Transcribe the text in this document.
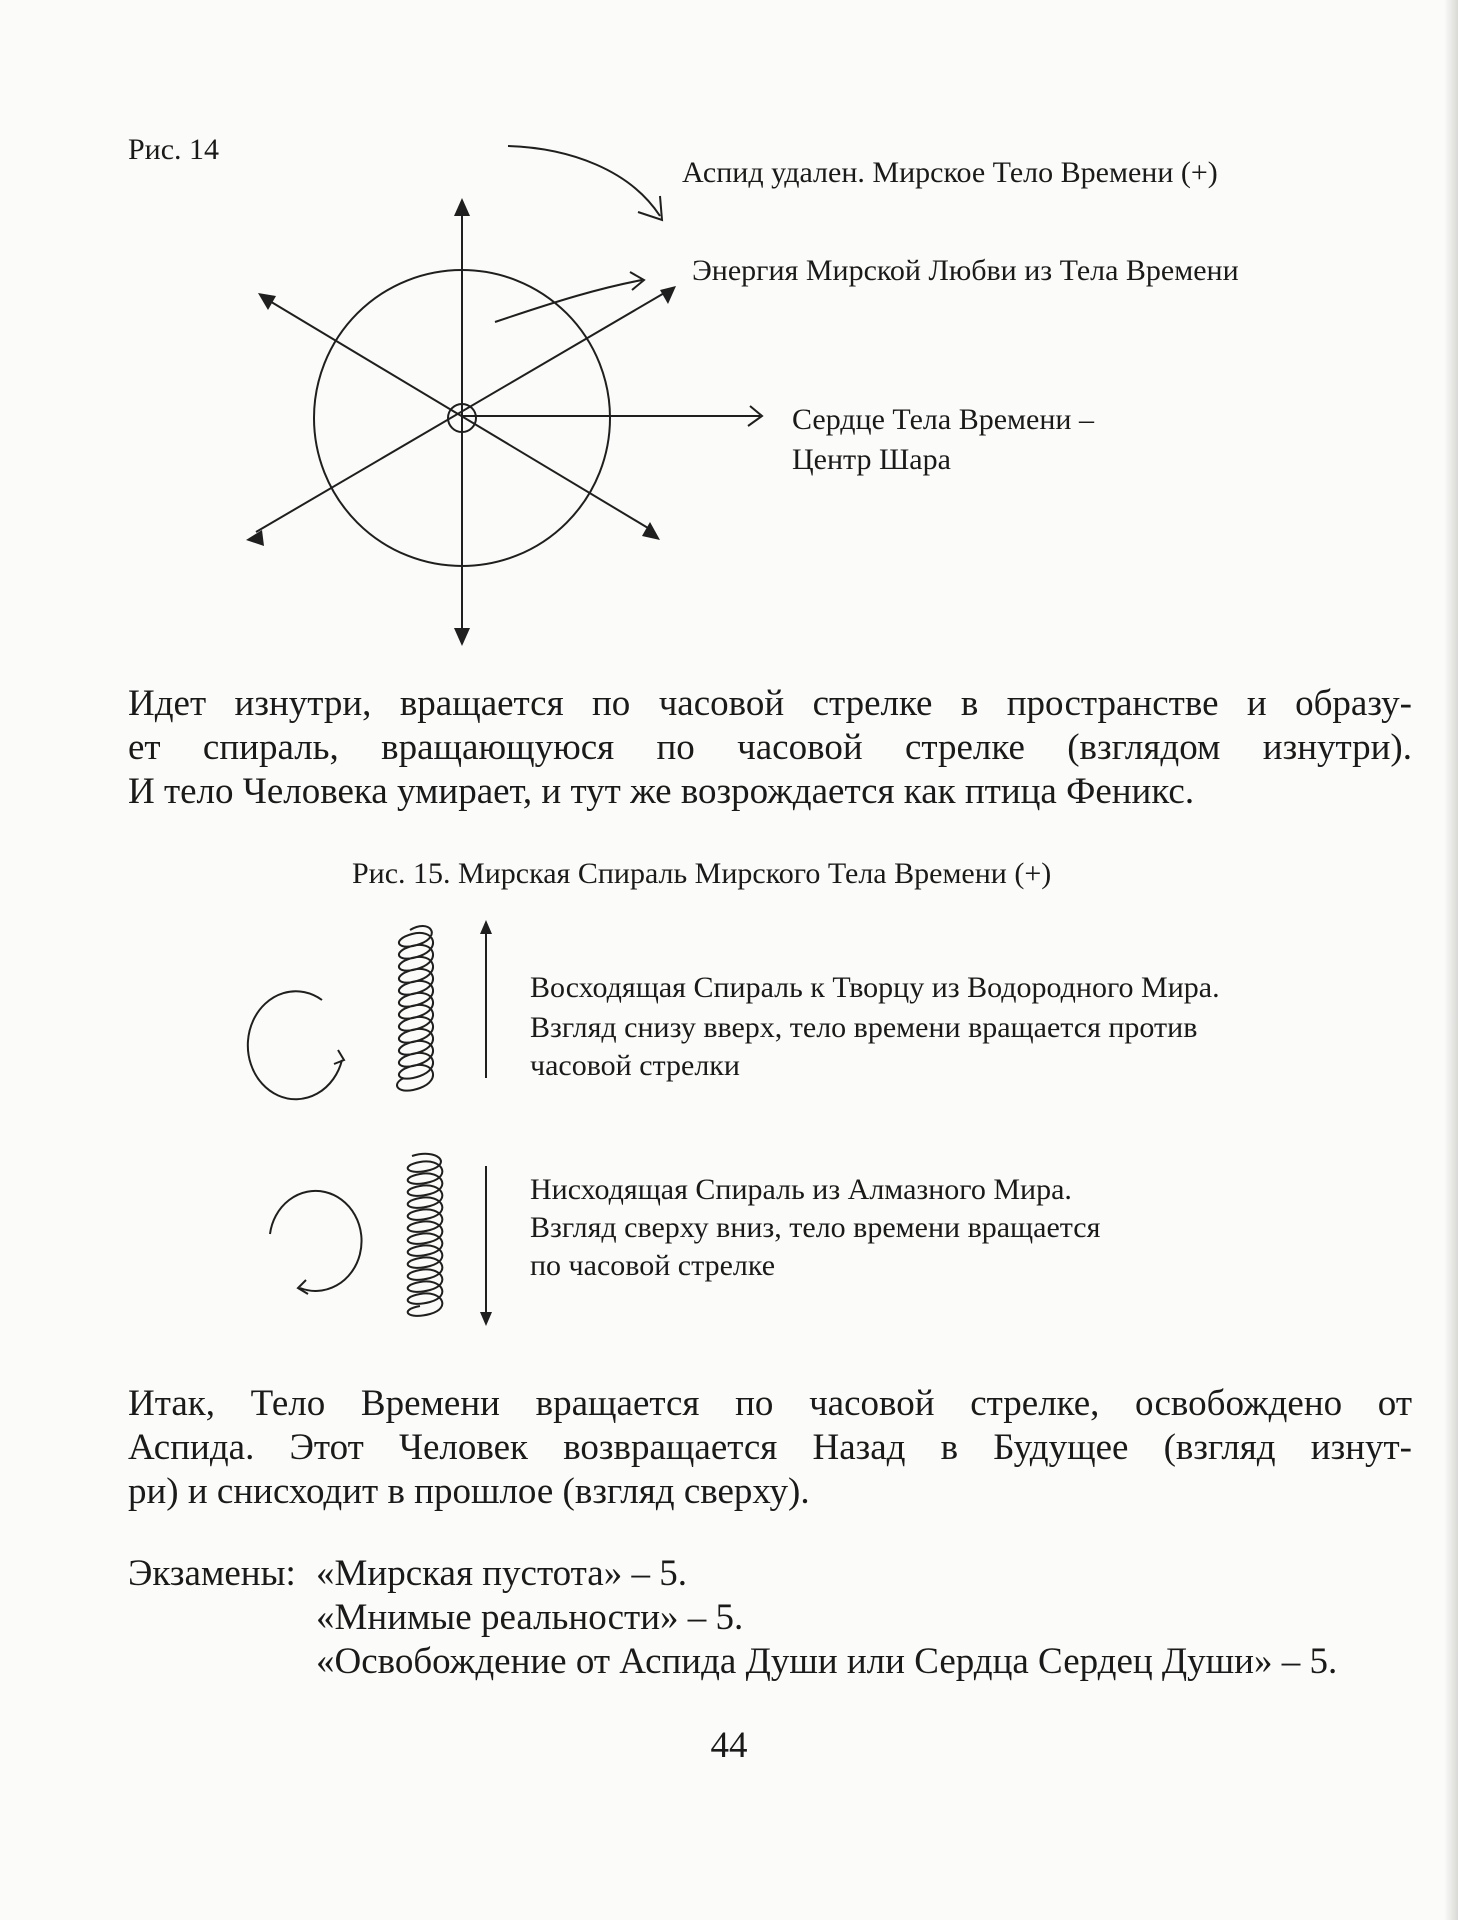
Рис. 14
Аспид удален. Мирское Тело Времени (+)
Энергия Мирской Любви из Тела Времени
Сердце Тела Времени –
Центр Шара
Идет изнутри, вращается по часовой стрелке в пространстве и образу-
ет спираль, вращающуюся по часовой стрелке (взглядом изнутри).
И тело Человека умирает, и тут же возрождается как птица Феникс.
Рис. 15. Мирская Спираль Мирского Тела Времени (+)
Восходящая Спираль к Творцу из Водородного Мира.
Взгляд снизу вверх, тело времени вращается против
часовой стрелки
Нисходящая Спираль из Алмазного Мира.
Взгляд сверху вниз, тело времени вращается
по часовой стрелке
Итак, Тело Времени вращается по часовой стрелке, освобождено от
Аспида. Этот Человек возвращается Назад в Будущее (взгляд изнут-
ри) и снисходит в прошлое (взгляд сверху).
Экзамены: «Мирская пустота» – 5.
«Мнимые реальности» – 5.
«Освобождение от Аспида Души или Сердца Сердец Души» – 5.
44
